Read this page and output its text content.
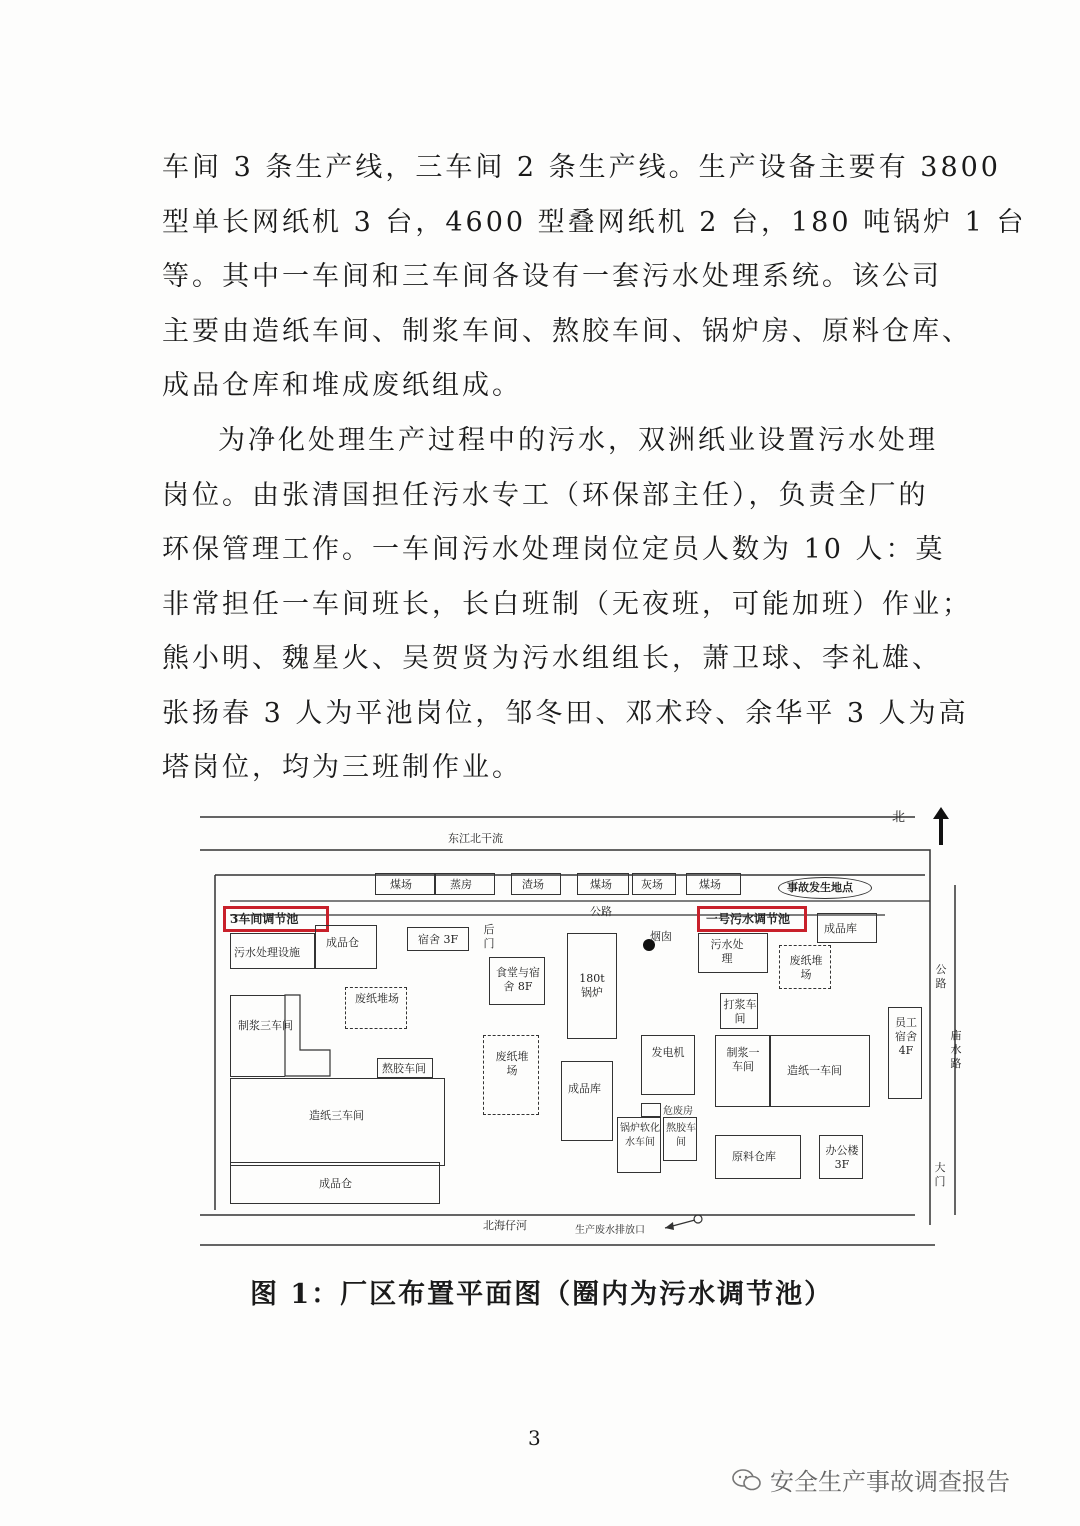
车间 3 条生产线，三车间 2 条生产线。生产设备主要有 3800
型单长网纸机 3 台，4600 型叠网纸机 2 台，180 吨锅炉 1 台
等。其中一车间和三车间各设有一套污水处理系统。该公司
主要由造纸车间、制浆车间、熬胶车间、锅炉房、原料仓库、
成品仓库和堆成废纸组成。

为净化处理生产过程中的污水，双洲纸业设置污水处理
岗位。由张清国担任污水专工（环保部主任），负责全厂的
环保管理工作。一车间污水处理岗位定员人数为 10 人：莫
非常担任一车间班长，长白班制（无夜班，可能加班）作业；
熊小明、魏星火、吴贺贤为污水组组长，萧卫球、李礼雄、
张扬春 3 人为平池岗位，邹冬田、邓术玲、余华平 3 人为高
塔岗位，均为三班制作业。

北
东江北干流
北海仔河	生产废水排放口
公路
煤场	蒸房	渣场	煤场	灰场	煤场	事故发生地点
3车间调节池	一号污水调节池
污水处理设施
成品仓	宿舍 3F
后门
食堂与宿舍 8F
180t锅炉
烟囱
废纸堆场
制浆三车间
熬胶车间
造纸三车间
成品仓
废纸堆场
成品库
发电机
危废房
锅炉软化水车间
熬胶车间
污水处理	废纸堆场
打浆车间
成品库
制浆一车间	造纸一车间
员工宿舍 4F
原料仓库	办公楼3F
公路
庙水路
大门
图 1：厂区布置平面图（圈内为污水调节池）
3
安全生产事故调查报告
